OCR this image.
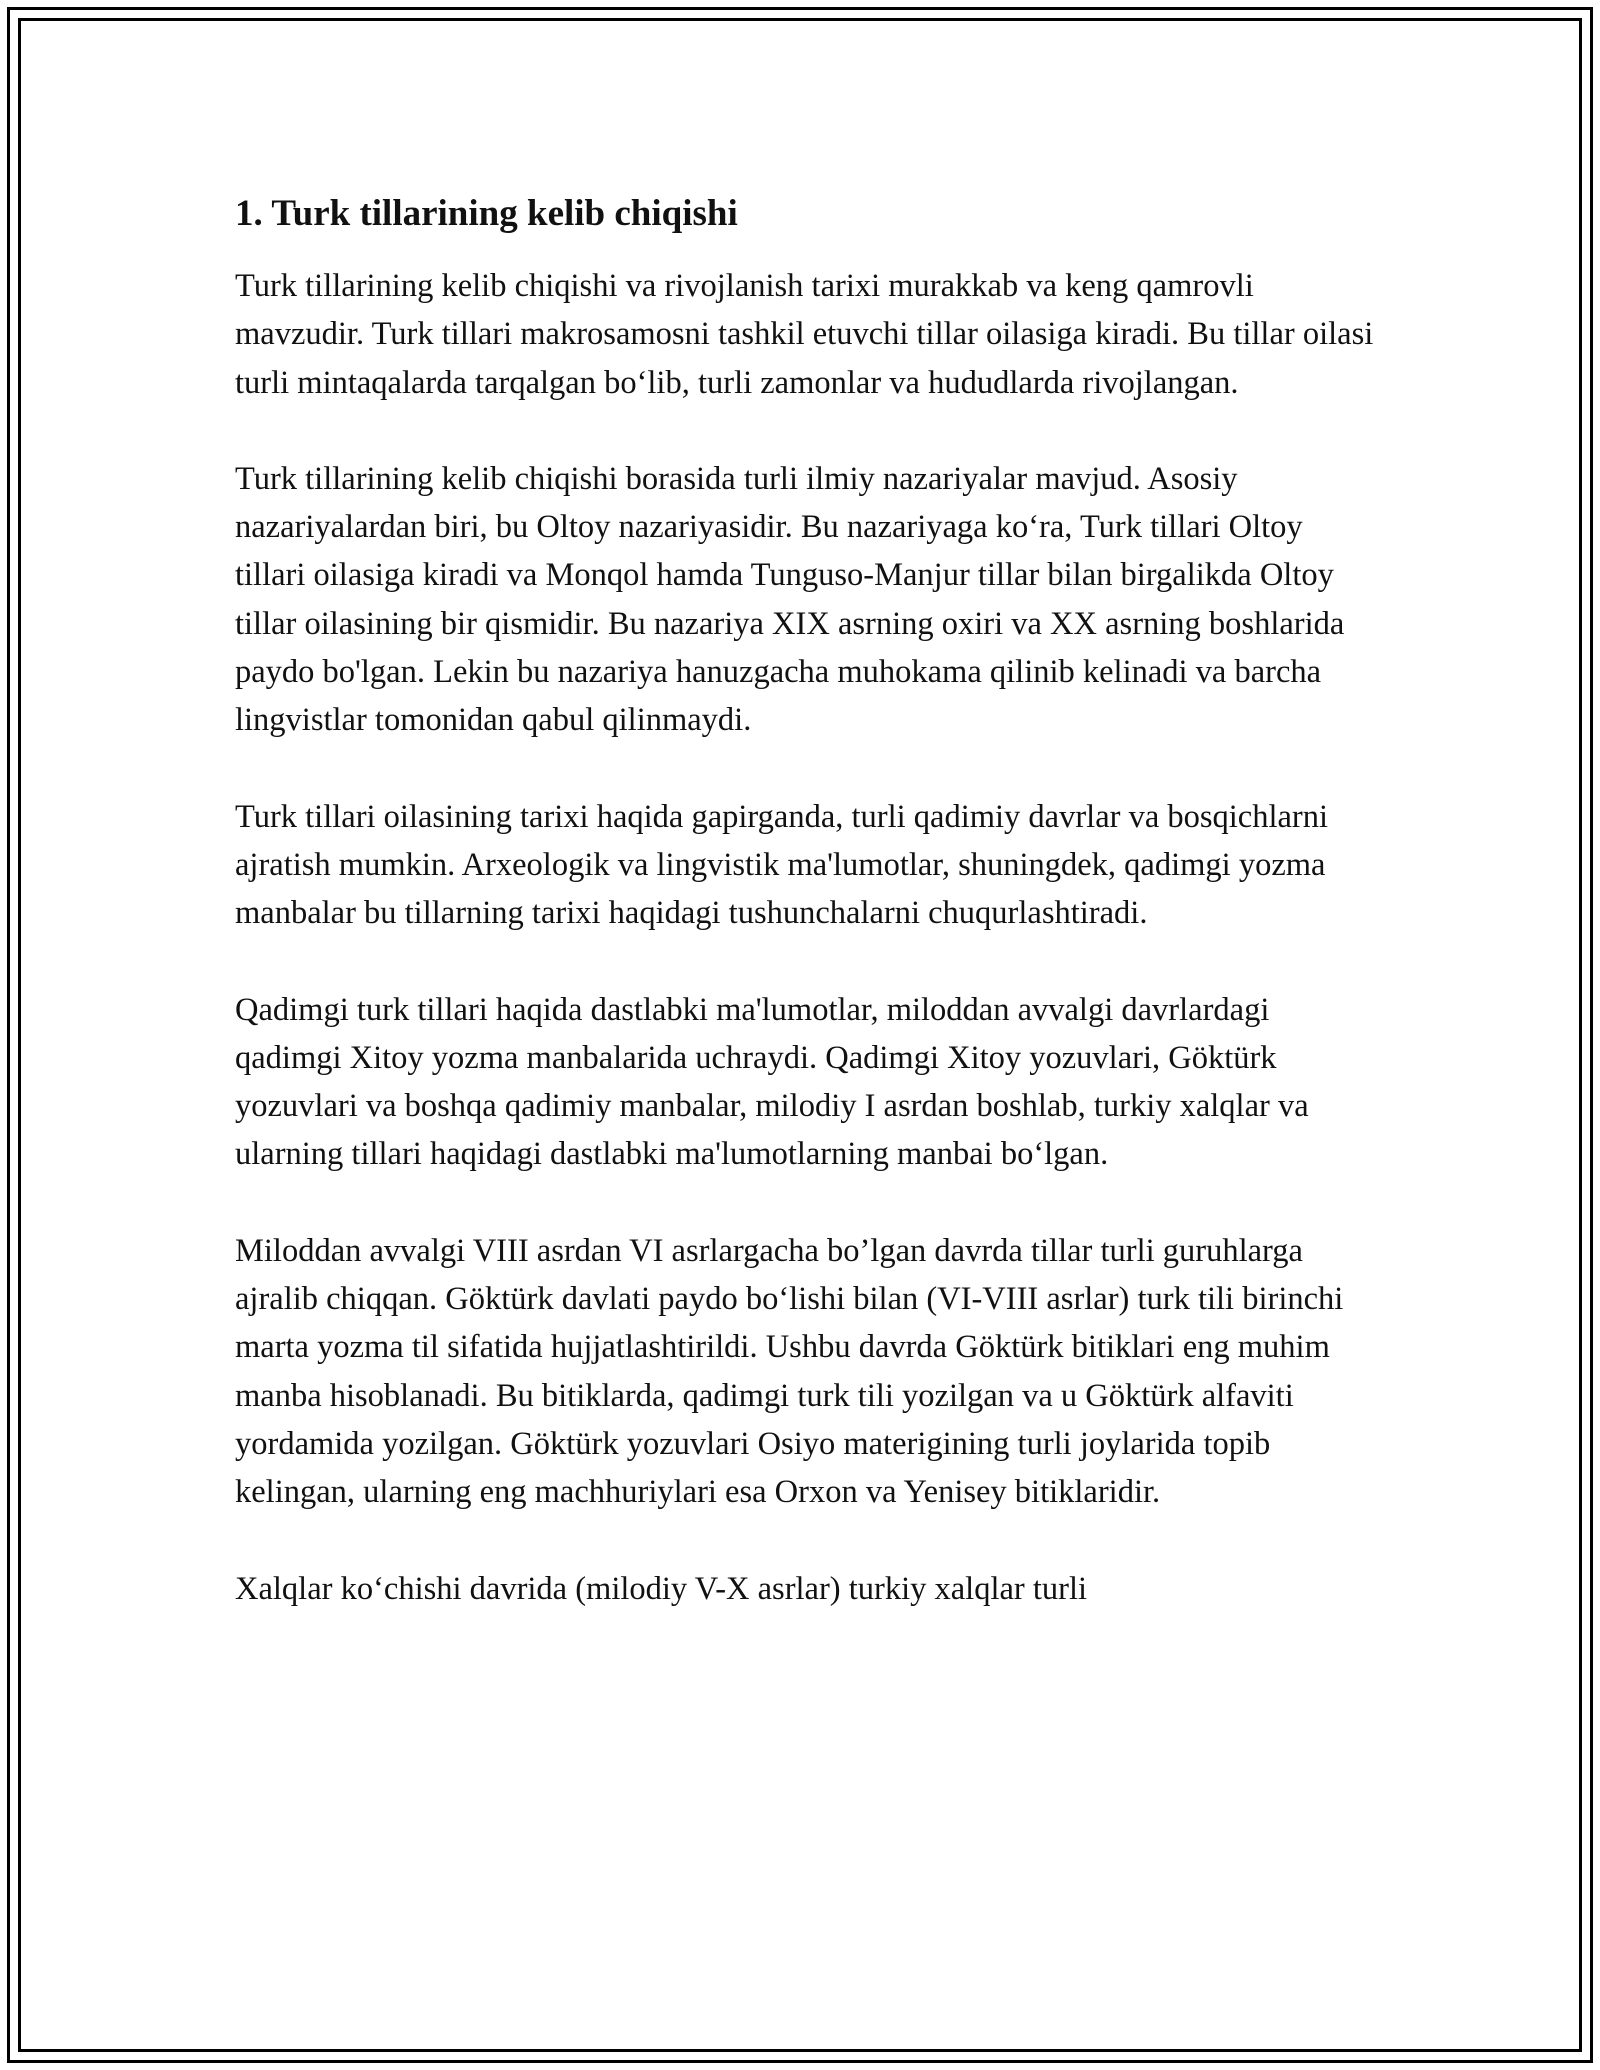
1. Turk tillarining kelib chiqishi

Turk tillarining kelib chiqishi va rivojlanish tarixi murakkab va keng qamrovli mavzudir. Turk tillari makrosamosni tashkil etuvchi tillar oilasiga kiradi. Bu tillar oilasi turli mintaqalarda tarqalgan bo‘lib, turli zamonlar va hududlarda rivojlangan.

Turk tillarining kelib chiqishi borasida turli ilmiy nazariyalar mavjud. Asosiy nazariyalardan biri, bu Oltoy nazariyasidir. Bu nazariyaga ko‘ra, Turk tillari Oltoy tillari oilasiga kiradi va Monqol hamda Tunguso-Manjur tillar bilan birgalikda Oltoy tillar oilasining bir qismidir. Bu nazariya XIX asrning oxiri va XX asrning boshlarida paydo bo'lgan. Lekin bu nazariya hanuzgacha muhokama qilinib kelinadi va barcha lingvistlar tomonidan qabul qilinmaydi.

Turk tillari oilasining tarixi haqida gapirganda, turli qadimiy davrlar va bosqichlarni ajratish mumkin. Arxeologik va lingvistik ma'lumotlar, shuningdek, qadimgi yozma manbalar bu tillarning tarixi haqidagi tushunchalarni chuqurlashtiradi.

Qadimgi turk tillari haqida dastlabki ma'lumotlar, miloddan avvalgi davrlardagi qadimgi Xitoy yozma manbalarida uchraydi. Qadimgi Xitoy yozuvlari, Göktürk yozuvlari va boshqa qadimiy manbalar, milodiy I asrdan boshlab, turkiy xalqlar va ularning tillari haqidagi dastlabki ma'lumotlarning manbai bo‘lgan.

Miloddan avvalgi VIII asrdan VI asrlargacha bo’lgan davrda tillar turli guruhlarga ajralib chiqqan. Göktürk davlati paydo bo‘lishi bilan (VI-VIII asrlar) turk tili birinchi marta yozma til sifatida hujjatlashtirildi. Ushbu davrda Göktürk bitiklari eng muhim manba hisoblanadi. Bu bitiklarda, qadimgi turk tili yozilgan va u Göktürk alfaviti yordamida yozilgan. Göktürk yozuvlari Osiyo materigining turli joylarida topib kelingan, ularning eng machhuriylari esa Orxon va Yenisey bitiklaridir.

Xalqlar ko‘chishi davrida (milodiy V-X asrlar) turkiy xalqlar turli
